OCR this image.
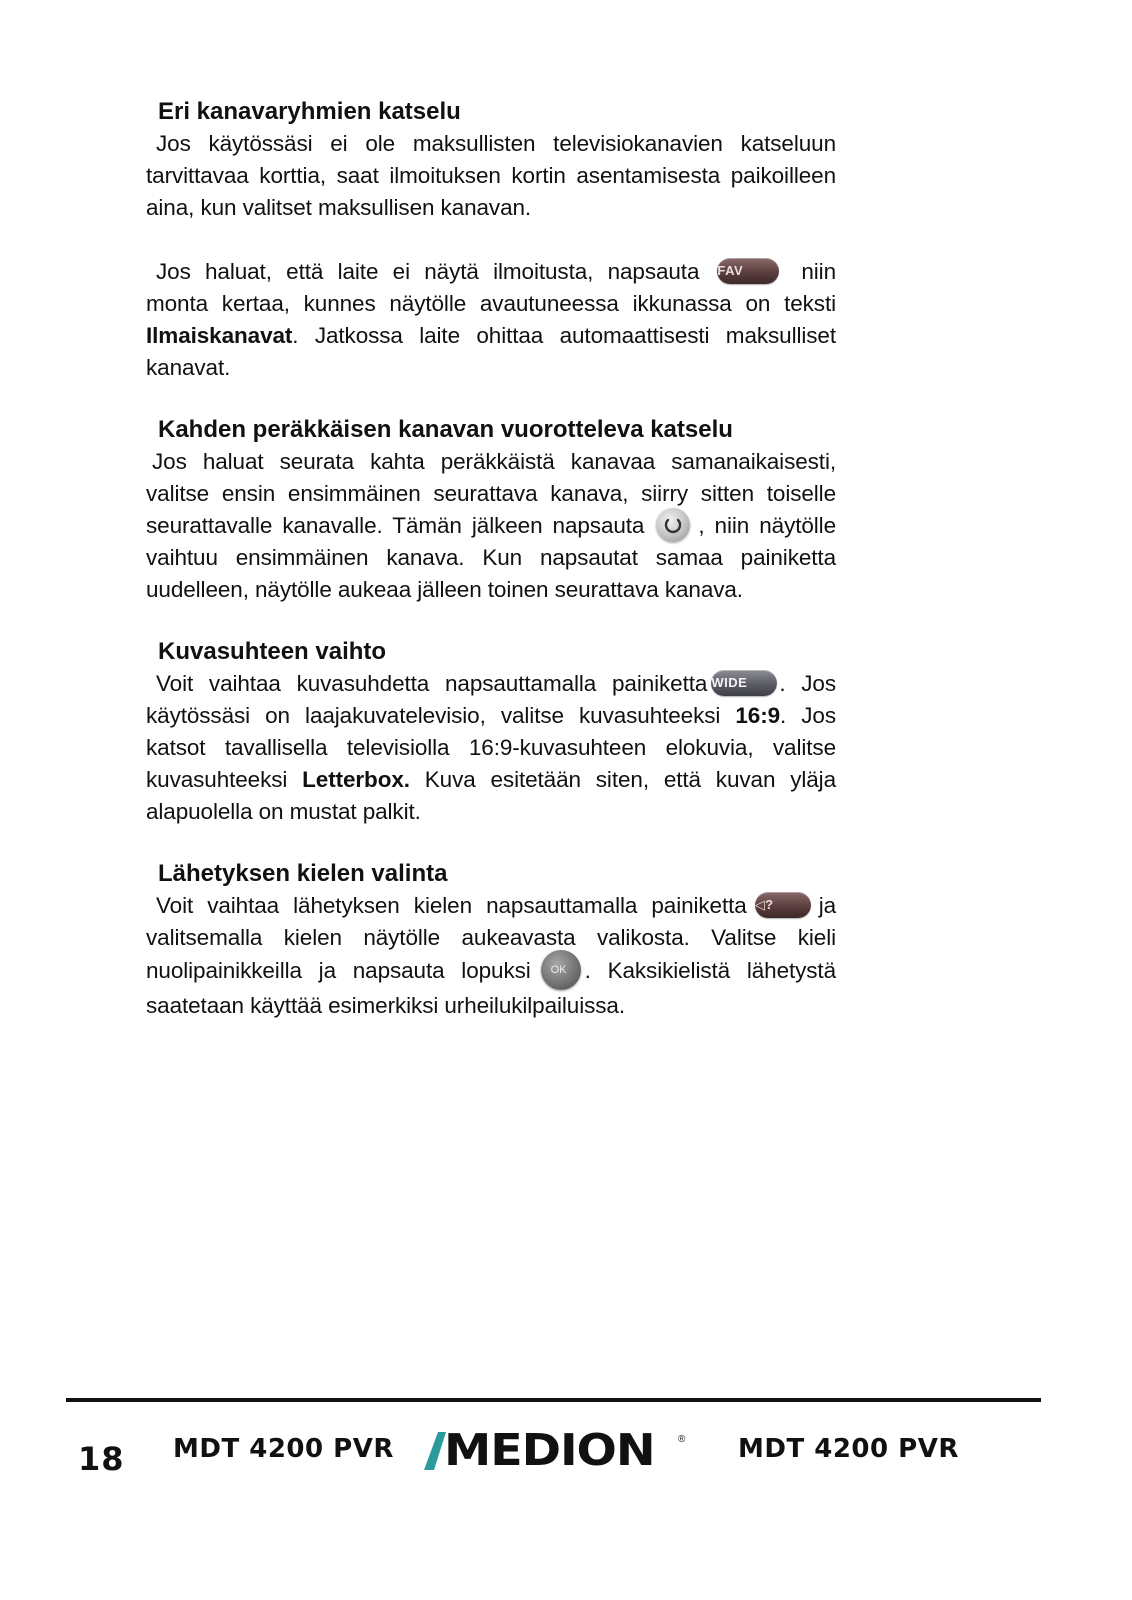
Eri kanavaryhmien katselu

Jos käytössäsi ei ole maksullisten televisiokanavien katseluun tarvittavaa korttia, saat ilmoituksen kortin asentamisesta paikoilleen aina, kun valitset maksullisen kanavan.

Jos haluat, että laite ei näytä ilmoitusta, napsauta FAV	niin monta kertaa, kunnes näytölle avautuneessa ikkunassa on teksti Ilmaiskanavat. Jatkossa laite ohittaa automaattisesti maksulliset kanavat.

Kahden peräkkäisen kanavan vuorotteleva katselu

Jos haluat seurata kahta peräkkäistä kanavaa samanaikaisesti, valitse ensin ensimmäinen seurattava kanava, siirry sitten toiselle seurattavalle kanavalle. Tämän jälkeen napsauta , niin näytölle vaihtuu ensimmäinen kanava. Kun napsautat samaa painiketta uudelleen, näytölle aukeaa jälleen toinen seurattava kanava.

Kuvasuhteen vaihto

Voit vaihtaa kuvasuhdetta napsauttamalla painiketta WIDE . Jos käytössäsi on laajakuvatelevisio, valitse kuvasuhteeksi 16:9. Jos katsot tavallisella televisiolla 16:9-kuvasuhteen elokuvia, valitse kuvasuhteeksi Letterbox. Kuva esitetään siten, että kuvan yläja alapuolella on mustat palkit.

Lähetyksen kielen valinta

Voit vaihtaa lähetyksen kielen napsauttamalla painiketta ◁? ja valitsemalla kielen näytölle aukeavasta valikosta. Valitse kieli nuolipainikkeilla ja napsauta lopuksi OK . Kaksikielistä lähetystä saatetaan käyttää esimerkiksi urheilukilpailuissa.

18 MDT 4200 PVR MEDION ® MDT 4200 PVR
